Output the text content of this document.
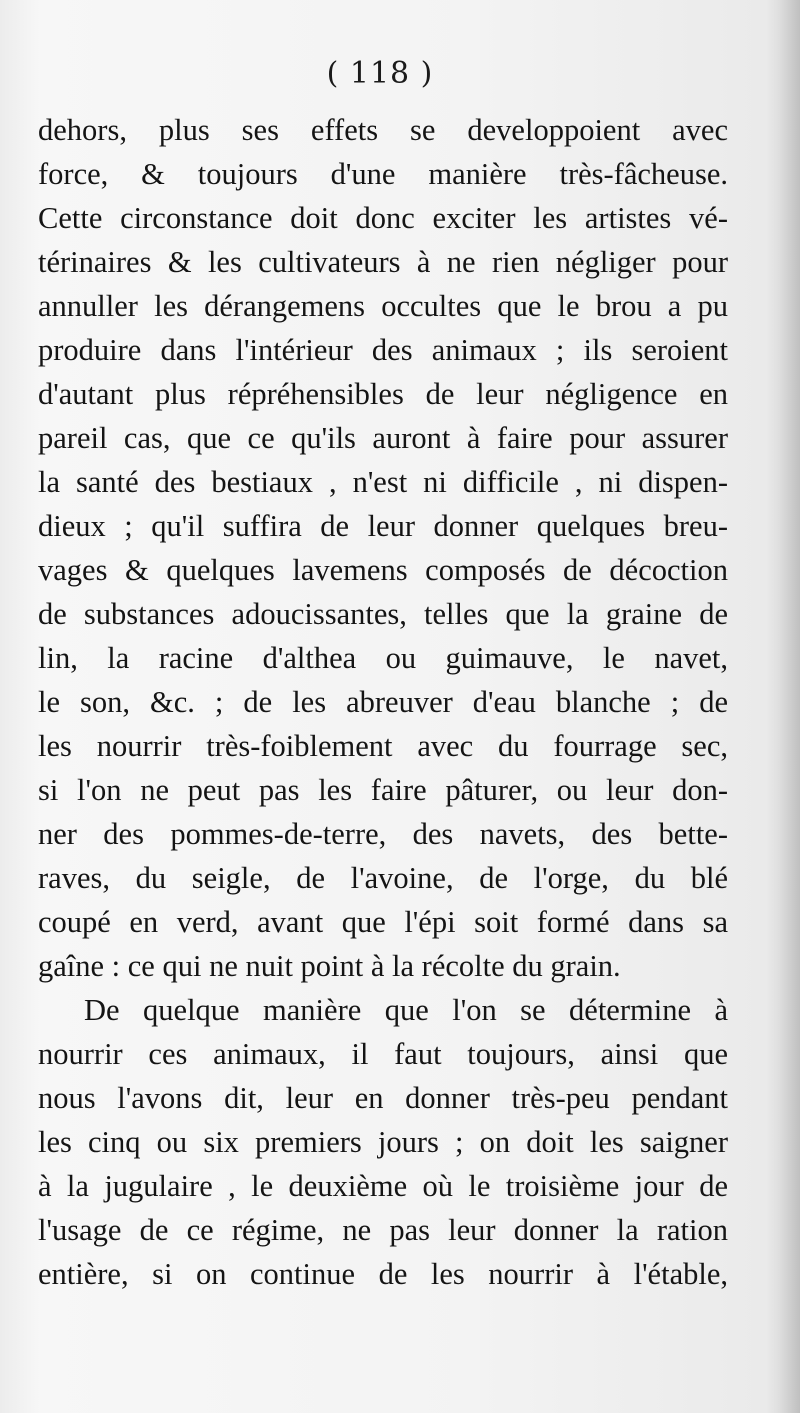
( 118 )
dehors, plus ses effets se developpoient avec
force, & toujours d'une manière très-fâcheuse.
Cette circonstance doit donc exciter les artistes vé-
térinaires & les cultivateurs à ne rien négliger pour
annuller les dérangemens occultes que le brou a pu
produire dans l'intérieur des animaux ; ils seroient
d'autant plus répréhensibles de leur négligence en
pareil cas, que ce qu'ils auront à faire pour assurer
la santé des bestiaux , n'est ni difficile , ni dispen-
dieux ; qu'il suffira de leur donner quelques breu-
vages & quelques lavemens composés de décoction
de substances adoucissantes, telles que la graine de
lin, la racine d'althea ou guimauve, le navet,
le son, &c. ; de les abreuver d'eau blanche ; de
les nourrir très-foiblement avec du fourrage sec,
si l'on ne peut pas les faire pâturer, ou leur don-
ner des pommes-de-terre, des navets, des bette-
raves, du seigle, de l'avoine, de l'orge, du blé
coupé en verd, avant que l'épi soit formé dans sa
gaîne : ce qui ne nuit point à la récolte du grain.
De quelque manière que l'on se détermine à
nourrir ces animaux, il faut toujours, ainsi que
nous l'avons dit, leur en donner très-peu pendant
les cinq ou six premiers jours ; on doit les saigner
à la jugulaire , le deuxième où le troisième jour de
l'usage de ce régime, ne pas leur donner la ration
entière, si on continue de les nourrir à l'étable,
